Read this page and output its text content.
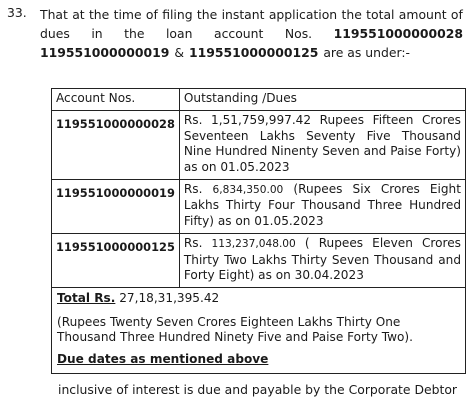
33. That at the time of filing the instant application the total amount of
dues in the loan account Nos. 119551000000028
119551000000019 & 119551000000125 are as under:-
Account Nos.	Outstanding /Dues
119551000000028	Rs. 1,51,759,997.42 Rupees Fifteen Crores Seventeen Lakhs Seventy Five Thousand Nine Hundred Ninenty Seven and Paise Forty) as on 01.05.2023
119551000000019	Rs. 6,834,350.00 (Rupees Six Crores Eight Lakhs Thirty Four Thousand Three Hundred Fifty) as on 01.05.2023
119551000000125	Rs. 113,237,048.00 ( Rupees Eleven Crores Thirty Two Lakhs Thirty Seven Thousand and Forty Eight) as on 30.04.2023

Total Rs. 27,18,31,395.42
(Rupees Twenty Seven Crores Eighteen Lakhs Thirty One Thousand Three Hundred Ninety Five and Paise Forty Two).
Due dates as mentioned above	
inclusive of interest is due and payable by the Corporate Debtor
